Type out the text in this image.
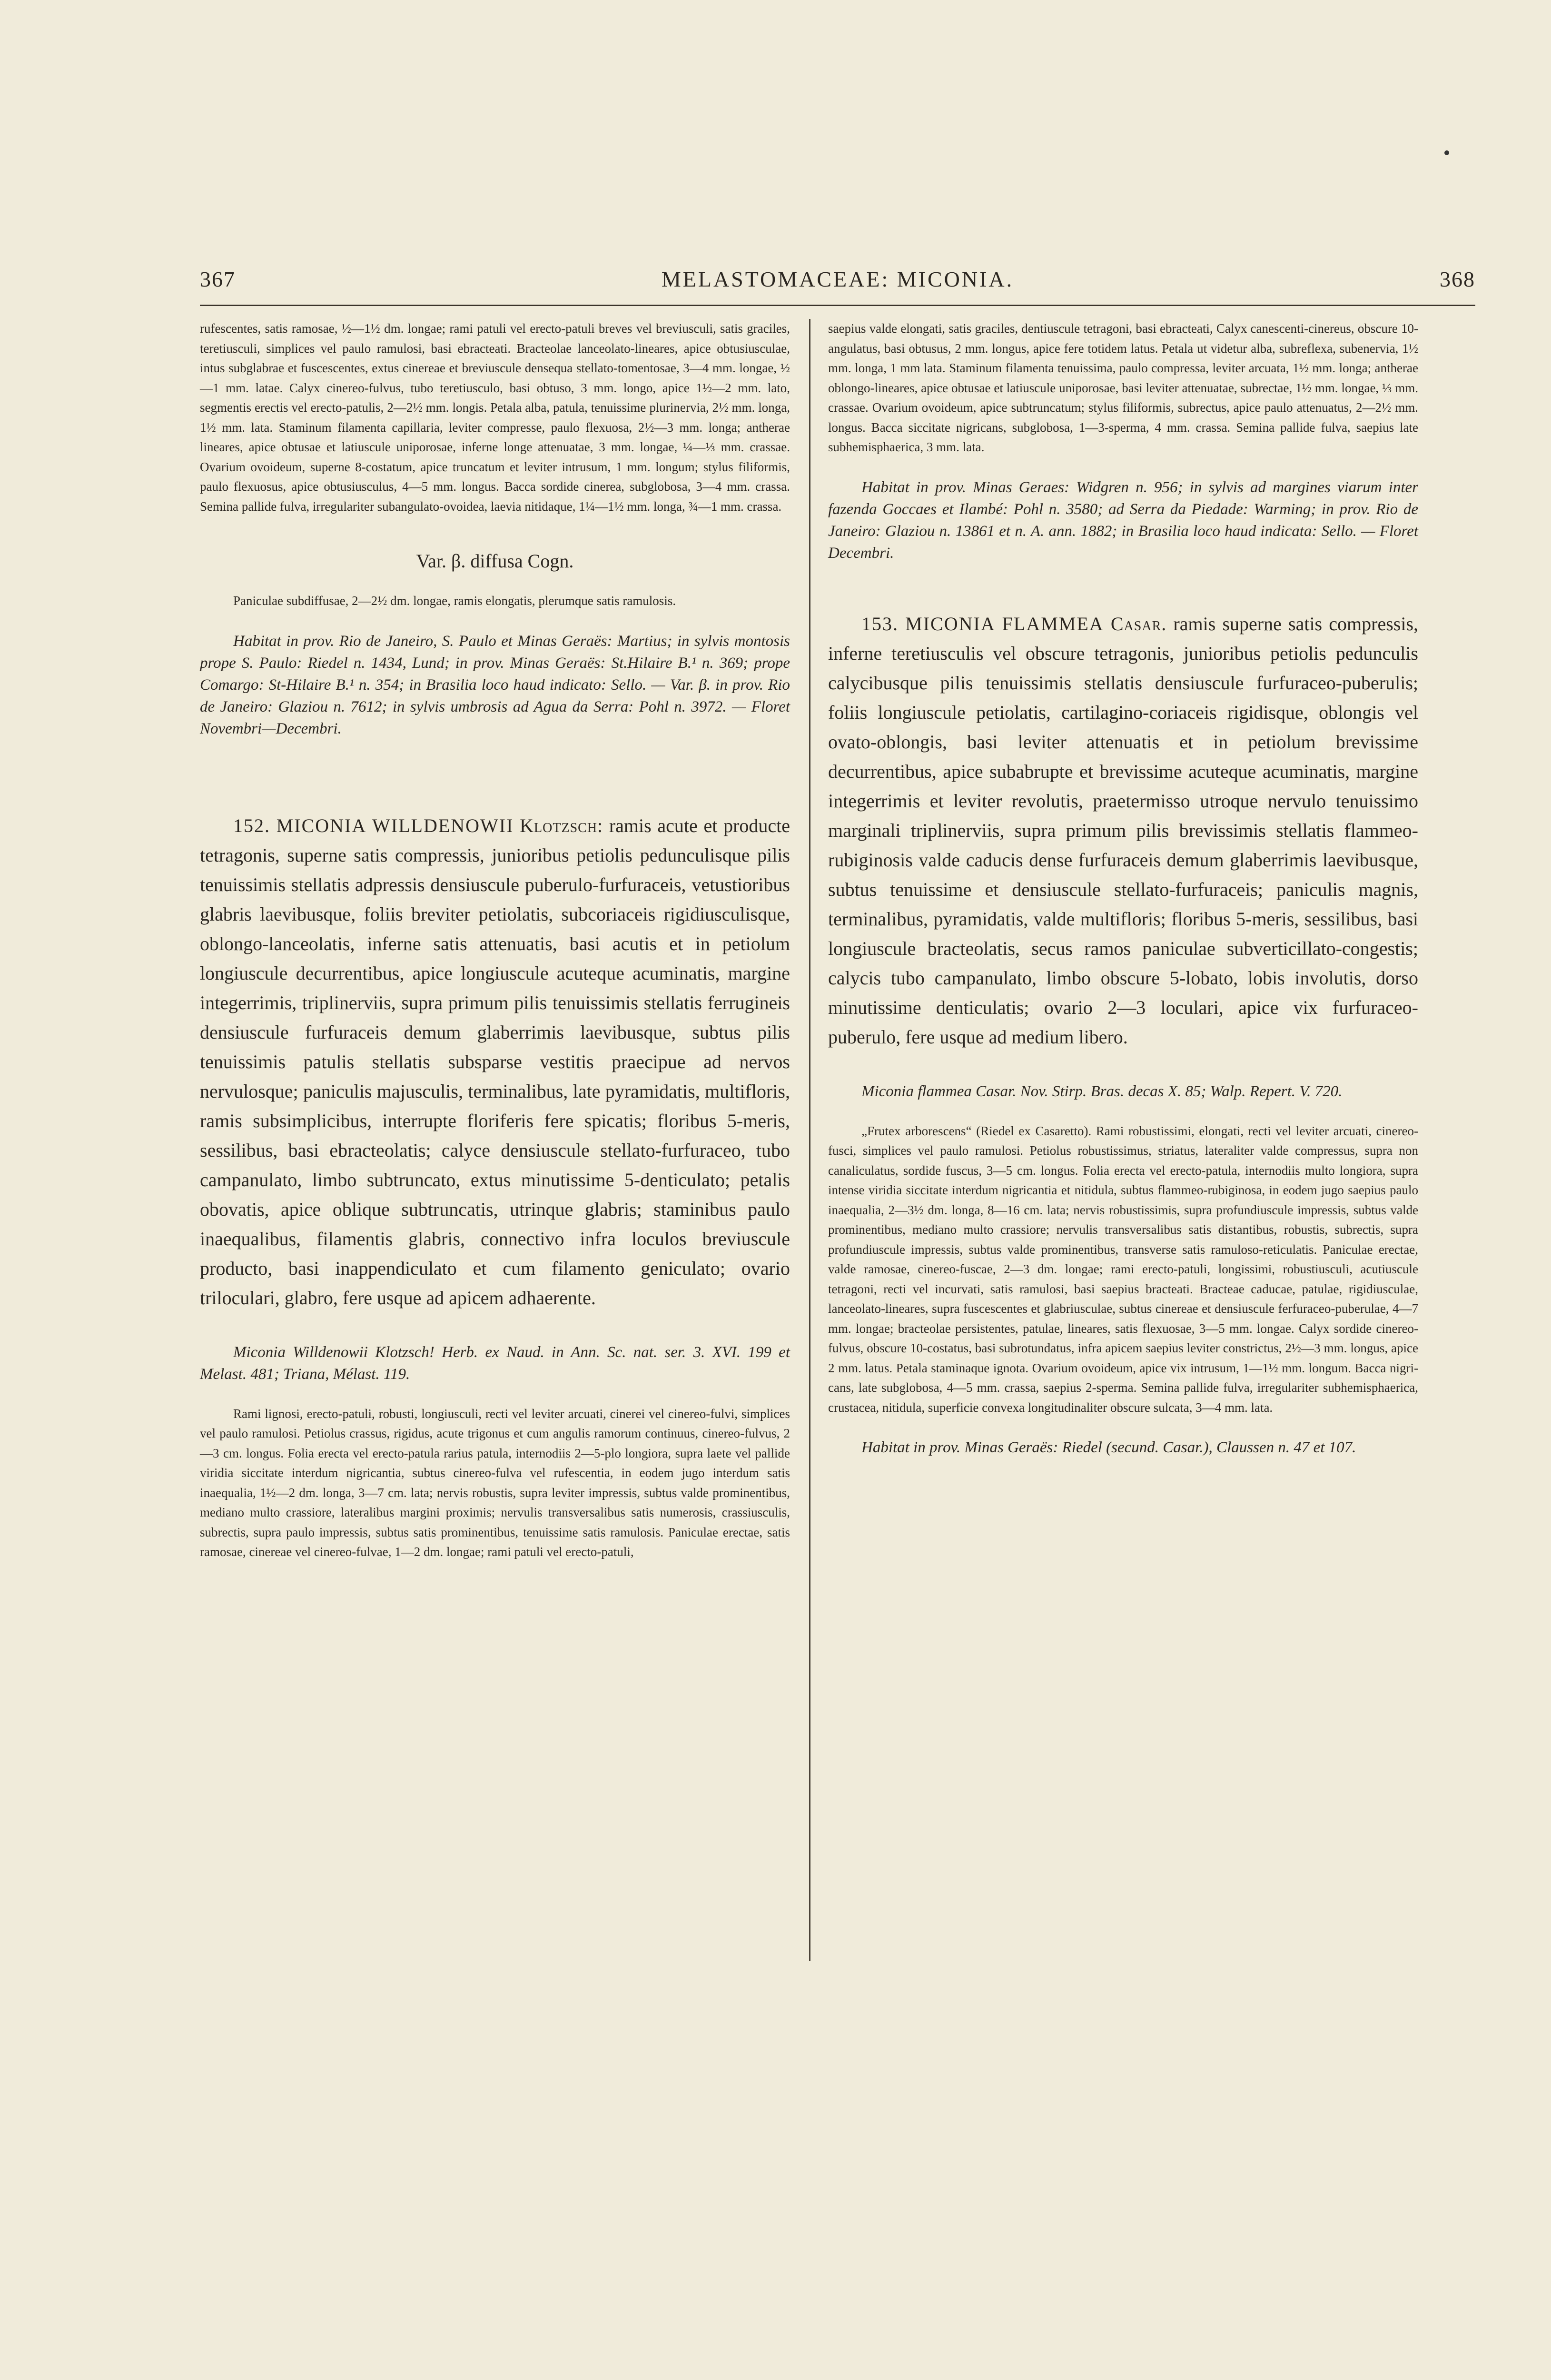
367	MELASTOMACEAE: MICONIA.	368

rufescentes, satis ramosae, ½—1½ dm. longae; rami patuli vel erecto-patuli breves vel breviusculi, satis graciles, teretiusculi, simplices vel paulo ramulosi, basi ebracteati. Bracteolae lanceolato-lineares, apice obtusiusculae, intus subglabrae et fuscescentes, extus cinereae et breviuscule densequa stellato-tomentosae, 3—4 mm. longae, ½—1 mm. latae. Calyx cinereo-fulvus, tubo teretiusculo, basi obtuso, 3 mm. longo, apice 1½—2 mm. lato, segmentis erectis vel erecto-patulis, 2—2½ mm. longis. Petala alba, patula, tenuissime plurinervia, 2½ mm. longa, 1½ mm. lata. Staminum filamenta capillaria, leviter compresse, paulo flexuosa, 2½—3 mm. longa; antherae lineares, apice obtusae et latiuscule uniporosae, inferne longe attenuatae, 3 mm. longae, ¼—⅓ mm. crassae. Ovarium ovoideum, superne 8-costatum, apice truncatum et leviter intrusum, 1 mm. longum; stylus filiformis, paulo flexuosus, apice obtusiusculus, 4—5 mm. longus. Bacca sordide cinerea, subglobosa, 3—4 mm. crassa. Semina pallide fulva, irregulariter subangulato-ovoidea, laevia nitidaque, 1¼—1½ mm. longa, ¾—1 mm. crassa.

Var. β. diffusa Cogn.

Paniculae subdiffusae, 2—2½ dm. longae, ramis elongatis, plerumque satis ramulosis.

Habitat in prov. Rio de Janeiro, S. Paulo et Minas Geraës: Martius; in sylvis montosis prope S. Paulo: Riedel n. 1434, Lund; in prov. Minas Geraës: St.Hilaire B.¹ n. 369; prope Comargo: St-Hilaire B.¹ n. 354; in Brasilia loco haud indicato: Sello. — Var. β. in prov. Rio de Janeiro: Glaziou n. 7612; in sylvis umbrosis ad Agua da Serra: Pohl n. 3972. — Floret Novembri—Decembri.

152. MICONIA WILLDENOWII Klotzsch: ramis acute et producte tetragonis, superne satis compressis, junioribus petiolis pedunculisque pilis tenuissimis stellatis adpressis densiuscule puberulo-furfuraceis, vetustioribus glabris laevibusque, foliis breviter petiolatis, subcoriaceis rigidiusculisque, oblongo-lanceolatis, inferne satis attenuatis, basi acutis et in petiolum longiuscule decurrentibus, apice longiuscule acuteque acuminatis, margine integerrimis, triplinerviis, supra primum pilis tenuissimis stellatis ferrugineis densiuscule furfuraceis demum glaberrimis laevibusque, subtus pilis tenuissimis patulis stellatis subsparse vestitis praecipue ad nervos nervulosque; paniculis majusculis, terminalibus, late pyramidatis, multifloris, ramis subsimplicibus, interrupte floriferis fere spicatis; floribus 5-meris, sessilibus, basi ebracteolatis; calyce densiuscule stellato-furfuraceo, tubo campanulato, limbo subtruncato, extus minutissime 5-denticulato; petalis obovatis, apice oblique subtruncatis, utrinque glabris; staminibus paulo inaequalibus, filamentis glabris, connectivo infra loculos breviuscule producto, basi inappendiculato et cum filamento geniculato; ovario triloculari, glabro, fere usque ad apicem adhaerente.

Miconia Willdenowii Klotzsch! Herb. ex Naud. in Ann. Sc. nat. ser. 3. XVI. 199 et Melast. 481; Triana, Mélast. 119.

Rami lignosi, erecto-patuli, robusti, longiusculi, recti vel leviter arcuati, cinerei vel cinereo-fulvi, simplices vel paulo ramulosi. Petiolus crassus, rigidus, acute trigonus et cum angulis ramorum continuus, cinereo-fulvus, 2—3 cm. longus. Folia erecta vel erecto-patula rarius patula, internodiis 2—5-plo longiora, supra laete vel pallide viridia siccitate interdum nigricantia, subtus cinereo-fulva vel rufescentia, in eodem jugo interdum satis inaequalia, 1½—2 dm. longa, 3—7 cm. lata; nervis robustis, supra leviter impressis, subtus valde prominentibus, mediano multo crassiore, lateralibus margini proximis; nervulis transversalibus satis numerosis, crassiusculis, subrectis, supra paulo impressis, subtus satis prominentibus, tenuissime satis ramulosis. Paniculae erectae, satis ramosae, cinereae vel cinereo-fulvae, 1—2 dm. longae; rami patuli vel erecto-patuli,

saepius valde elongati, satis graciles, dentiuscule tetragoni, basi ebracteati, Calyx canescenti-cinereus, obscure 10-angulatus, basi obtusus, 2 mm. longus, apice fere totidem latus. Petala ut videtur alba, subreflexa, subenervia, 1½ mm. longa, 1 mm lata. Staminum filamenta tenuissima, paulo compressa, leviter arcuata, 1½ mm. longa; antherae oblongo-lineares, apice obtusae et latiuscule uniporosae, basi leviter attenuatae, subrectae, 1½ mm. longae, ⅓ mm. crassae. Ovarium ovoideum, apice subtruncatum; stylus filiformis, subrectus, apice paulo attenuatus, 2—2½ mm. longus. Bacca siccitate nigricans, subglobosa, 1—3-sperma, 4 mm. crassa. Semina pallide fulva, saepius late subhemisphaerica, 3 mm. lata.

Habitat in prov. Minas Geraes: Widgren n. 956; in sylvis ad margines viarum inter fazenda Goccaes et Ilambé: Pohl n. 3580; ad Serra da Piedade: Warming; in prov. Rio de Janeiro: Glaziou n. 13861 et n. A. ann. 1882; in Brasilia loco haud indicata: Sello. — Floret Decembri.

153. MICONIA FLAMMEA Casar. ramis superne satis compressis, inferne teretiusculis vel obscure tetragonis, junioribus petiolis pedunculis calycibusque pilis tenuissimis stellatis densiuscule furfuraceo-puberulis; foliis longiuscule petiolatis, cartilagino-coriaceis rigidisque, oblongis vel ovato-oblongis, basi leviter attenuatis et in petiolum brevissime decurrentibus, apice subabrupte et brevissime acuteque acuminatis, margine integerrimis et leviter revolutis, praetermisso utroque nervulo tenuissimo marginali triplinerviis, supra primum pilis brevissimis stellatis flammeo-rubiginosis valde caducis dense furfuraceis demum glaberrimis laevibusque, subtus tenuissime et densiuscule stellato-furfuraceis; paniculis magnis, terminalibus, pyramidatis, valde multifloris; floribus 5-meris, sessilibus, basi longiuscule bracteolatis, secus ramos paniculae subverticillato-congestis; calycis tubo campanulato, limbo obscure 5-lobato, lobis involutis, dorso minutissime denticulatis; ovario 2—3 loculari, apice vix furfuraceo-puberulo, fere usque ad medium libero.

Miconia flammea Casar. Nov. Stirp. Bras. decas X. 85; Walp. Repert. V. 720.

„Frutex arborescens“ (Riedel ex Casaretto). Rami robustissimi, elongati, recti vel leviter arcuati, cinereo-fusci, simplices vel paulo ramulosi. Petiolus robustissimus, striatus, lateraliter valde compressus, supra non canaliculatus, sordide fuscus, 3—5 cm. longus. Folia erecta vel erecto-patula, internodiis multo longiora, supra intense viridia siccitate interdum nigricantia et nitidula, subtus flammeo-rubiginosa, in eodem jugo saepius paulo inaequalia, 2—3½ dm. longa, 8—16 cm. lata; nervis robustissimis, supra profundiuscule impressis, subtus valde prominentibus, mediano multo crassiore; nervulis transversalibus satis distantibus, robustis, subrectis, supra profundiuscule impressis, subtus valde prominentibus, transverse satis ramuloso-reticulatis. Paniculae erectae, valde ramosae, cinereo-fuscae, 2—3 dm. longae; rami erecto-patuli, longissimi, robustiusculi, acutiuscule tetragoni, recti vel incurvati, satis ramulosi, basi saepius bracteati. Bracteae caducae, patulae, rigidiusculae, lanceolato-lineares, supra fuscescentes et glabriusculae, subtus cinereae et densiuscule ferfuraceo-puberulae, 4—7 mm. longae; bracteolae persistentes, patulae, lineares, satis flexuosae, 3—5 mm. longae. Calyx sordide cinereo-fulvus, obscure 10-costatus, basi subrotundatus, infra apicem saepius leviter constrictus, 2½—3 mm. longus, apice 2 mm. latus. Petala staminaque ignota. Ovarium ovoideum, apice vix intrusum, 1—1½ mm. longum. Bacca nigricans, late subglobosa, 4—5 mm. crassa, saepius 2-sperma. Semina pallide fulva, irregulariter subhemisphaerica, crustacea, nitidula, superficie convexa longitudinaliter obscure sulcata, 3—4 mm. lata.

Habitat in prov. Minas Geraës: Riedel (secund. Casar.), Claussen n. 47 et 107.
